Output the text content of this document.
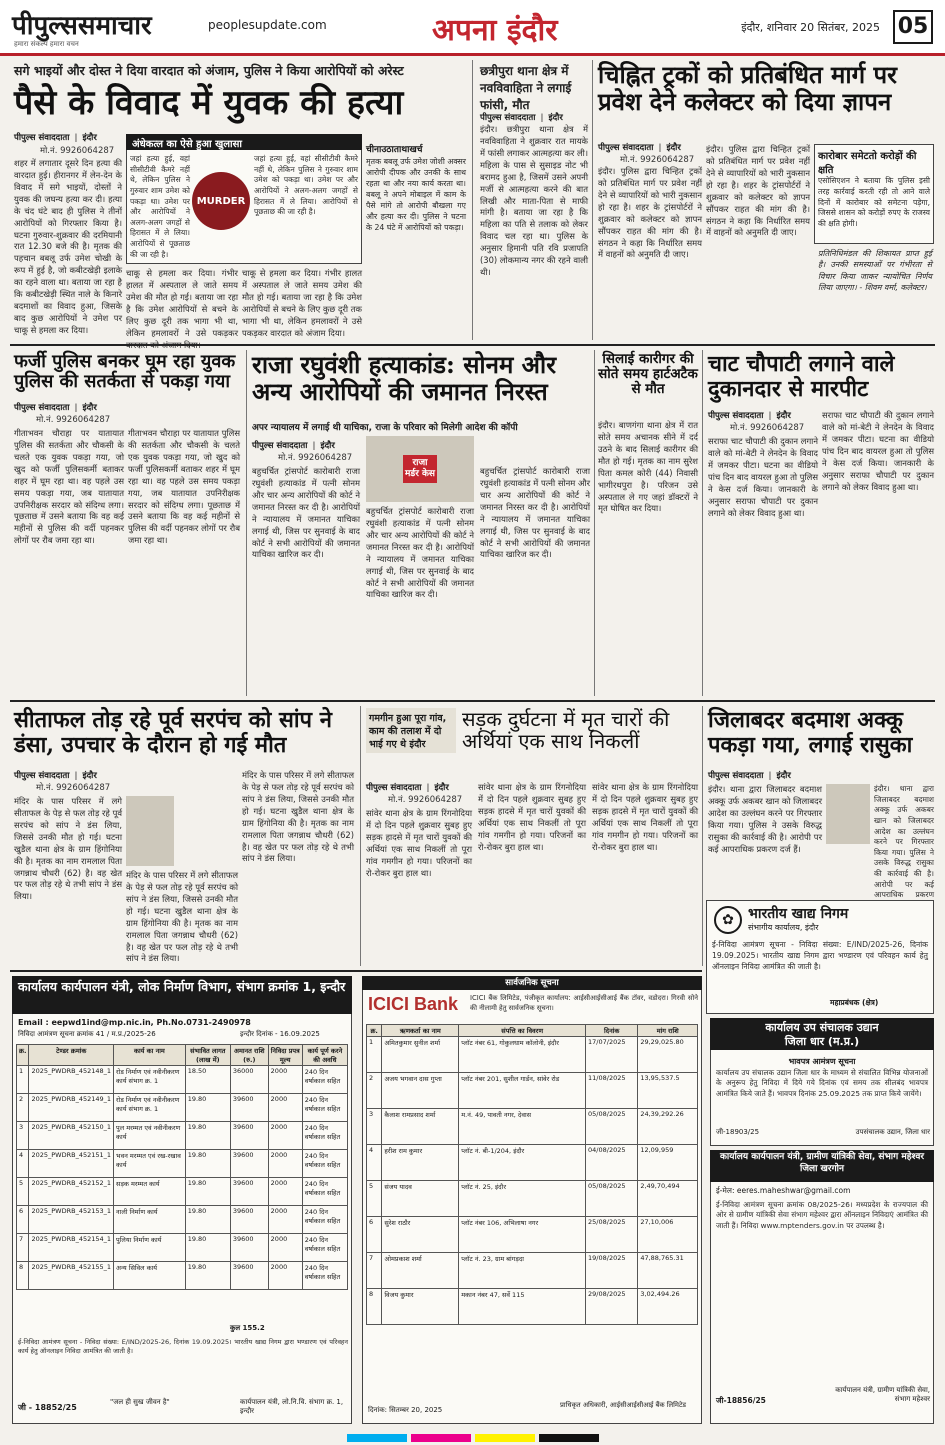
पीपुल्ससमाचार
हमारा संकल्प हमारा वचन
peoplesupdate.com	अपना इंदौर	इंदौर, शनिवार 20 सितंबर, 2025 05
सगे भाइयों और दोस्त ने दिया वारदात को अंजाम, पुलिस ने किया आरोपियों को अरेस्ट
पैसे के विवाद में युवक की हत्या
पीपुल्स संवाददाता ❘ इंदौर
मो.नं. 9926064287
शहर में लगातार दूसरे दिन हत्या की वारदात हुई। हीरानगर में लेन-देन के विवाद में सगे भाइयों, दोस्तों ने युवक की जघन्य हत्या कर दी। हत्या के चंद घंटे बाद ही पुलिस ने तीनों आरोपियों को गिरफ्तार किया है। घटना गुरुवार-शुक्रवार की दरमियानी रात 12.30 बजे की है। मृतक की पहचान बबलू उर्फ उमेश चोखी के रूप में हुई है, जो कबीटखेड़ी इलाके का रहने वाला था। बताया जा रहा है कि कबीटखेड़ी स्थित नाले के किनारे बदमाशों का विवाद हुआ, जिसके बाद कुछ आरोपियों ने उमेश पर चाकू से हमला कर दिया।
अंधेकत्ल का ऐसे हुआ खुलासा
MURDER
जहां हत्या हुई, वहां सीसीटीवी कैमरे नहीं थे, लेकिन पुलिस ने गुरुवार शाम उमेश को पकड़ा था। उमेश पर और आरोपियों ने अलग-अलग जगहों से हिरासत में ले लिया। आरोपियों से पूछताछ की जा रही है।
जहां हत्या हुई, वहां सीसीटीवी कैमरे नहीं थे, लेकिन पुलिस ने गुरुवार शाम उमेश को पकड़ा था। उमेश पर और आरोपियों ने अलग-अलग जगहों से हिरासत में ले लिया। आरोपियों से पूछताछ की जा रही है।
चाकू से हमला कर दिया। गंभीर हालत में अस्पताल ले जाते समय उमेश की मौत हो गई। बताया जा रहा है कि उमेश आरोपियों से बचने के लिए कुछ दूरी तक भागा भी था, लेकिन हमलावरों ने उसे पकड़कर
चाकू से हमला कर दिया। गंभीर हालत में अस्पताल ले जाते समय उमेश की मौत हो गई। बताया जा रहा है कि उमेश आरोपियों से बचने के लिए कुछ दूरी तक भागा भी था, लेकिन हमलावरों ने उसे पकड़कर वारदात को अंजाम दिया।
चीनाउठाताथाखर्च
मृतक बबलू उर्फ उमेश जोशी अक्सर आरोपी दीपक और उनकी के साथ रहता था और नया कार्य करता था। बबलू ने अपने मोबाइल में काम के पैसे मांगे तो आरोपी बौखला गए और हत्या कर दी। पुलिस ने घटना के 24 घंटे में आरोपियों को पकड़ा।
छत्रीपुरा थाना क्षेत्र में नवविवाहिता ने लगाई फांसी, मौत
पीपुल्स संवाददाता ❘ इंदौर
इंदौर। छत्रीपुरा थाना क्षेत्र में नवविवाहिता ने शुक्रवार रात मायके में फांसी लगाकर आत्महत्या कर ली। महिला के पास से सुसाइड नोट भी बरामद हुआ है, जिसमें उसने अपनी मर्जी से आत्महत्या करने की बात लिखी और माता-पिता से माफी मांगी है। बताया जा रहा है कि महिला का पति से तलाक को लेकर विवाद चल रहा था। पुलिस के अनुसार हिमानी पति रवि प्रजापति (30) लोकमान्य नगर की रहने वाली थी।
चिह्नित ट्रकों को प्रतिबंधित मार्ग पर प्रवेश देने कलेक्टर को दिया ज्ञापन
पीपुल्स संवाददाता ❘ इंदौर
मो.नं. 9926064287
इंदौर। पुलिस द्वारा चिन्हित ट्रकों को प्रतिबंधित मार्ग पर प्रवेश नहीं देने से व्यापारियों को भारी नुकसान हो रहा है। शहर के ट्रांसपोर्टरों ने शुक्रवार को कलेक्टर को ज्ञापन सौंपकर राहत की मांग की है। संगठन ने कहा कि निर्धारित समय में वाहनों को अनुमति दी जाए।
इंदौर। पुलिस द्वारा चिन्हित ट्रकों को प्रतिबंधित मार्ग पर प्रवेश नहीं देने से व्यापारियों को भारी नुकसान हो रहा है। शहर के ट्रांसपोर्टरों ने शुक्रवार को कलेक्टर को ज्ञापन सौंपकर राहत की मांग की है। संगठन ने कहा कि निर्धारित समय में वाहनों को अनुमति दी जाए।
कारोबार समेटतो करोड़ों की क्षति
एसोसिएशन ने बताया कि पुलिस इसी तरह कार्रवाई करती रही तो आने वाले दिनों में कारोबार को समेटना पड़ेगा, जिससे शासन को करोड़ों रुपए के राजस्व की क्षति होगी।
प्रतिनिधिमंडल की शिकायत प्राप्त हुई है। उनकी समस्याओं पर गंभीरता से विचार किया जाकर न्यायोचित निर्णय लिया जाएगा। - शिवम वर्मा, कलेक्टर।
फर्जी पुलिस बनकर घूम रहा युवक पुलिस की सतर्कता से पकड़ा गया
पीपुल्स संवाददाता ❘ इंदौर
मो.नं. 9926064287
गीताभवन चौराहा पर यातायात पुलिस की सतर्कता और चौकसी के चलते एक युवक पकड़ा गया, जो खुद को फर्जी पुलिसकर्मी बताकर शहर में घूम रहा था। वह पहले उस समय पकड़ा गया, जब यातायात उपनिरीक्षक सरदार को संदिग्ध लगा। पूछताछ में उसने बताया कि वह कई महीनों से पुलिस की वर्दी पहनकर लोगों पर रौब जमा रहा था।
गीताभवन चौराहा पर यातायात पुलिस की सतर्कता और चौकसी के चलते एक युवक पकड़ा गया, जो खुद को फर्जी पुलिसकर्मी बताकर शहर में घूम रहा था। वह पहले उस समय पकड़ा गया, जब यातायात उपनिरीक्षक सरदार को संदिग्ध लगा। पूछताछ में उसने बताया कि वह कई महीनों से पुलिस की वर्दी पहनकर लोगों पर रौब जमा रहा था।
राजा रघुवंशी हत्याकांड: सोनम और अन्य आरोपियों की जमानत निरस्त
अपर न्यायालय में लगाई थी याचिका, राजा के परिवार को मिलेगी आदेश की कॉपी
पीपुल्स संवाददाता ❘ इंदौर
मो.नं. 9926064287
राजा मर्डर केस
बहुचर्चित ट्रांसपोर्ट कारोबारी राजा रघुवंशी हत्याकांड में पत्नी सोनम और चार अन्य आरोपियों की कोर्ट ने जमानत निरस्त कर दी है। आरोपियों ने न्यायालय में जमानत याचिका लगाई थी, जिस पर सुनवाई के बाद कोर्ट ने सभी आरोपियों की जमानत याचिका खारिज कर दी।
बहुचर्चित ट्रांसपोर्ट कारोबारी राजा रघुवंशी हत्याकांड में पत्नी सोनम और चार अन्य आरोपियों की कोर्ट ने जमानत निरस्त कर दी है। आरोपियों ने न्यायालय में जमानत याचिका लगाई थी, जिस पर सुनवाई के बाद कोर्ट ने सभी आरोपियों की जमानत याचिका खारिज कर दी।
बहुचर्चित ट्रांसपोर्ट कारोबारी राजा रघुवंशी हत्याकांड में पत्नी सोनम और चार अन्य आरोपियों की कोर्ट ने जमानत निरस्त कर दी है। आरोपियों ने न्यायालय में जमानत याचिका लगाई थी, जिस पर सुनवाई के बाद कोर्ट ने सभी आरोपियों की जमानत याचिका खारिज कर दी।
सिलाई कारीगर की सोते समय हार्टअटैक से मौत
इंदौर। बाणगंगा थाना क्षेत्र में रात सोते समय अचानक सीने में दर्द उठने के बाद सिलाई कारीगर की मौत हो गई। मृतक का नाम सुरेश पिता कमल कोरी (44) निवासी भागीरथपुरा है। परिजन उसे अस्पताल ले गए जहां डॉक्टरों ने मृत घोषित कर दिया।
चाट चौपाटी लगाने वाले दुकानदार से मारपीट
पीपुल्स संवाददाता ❘ इंदौर
मो.नं. 9926064287
सराफा चाट चौपाटी की दुकान लगाने वाले को मां-बेटी ने लेनदेन के विवाद में जमकर पीटा। घटना का वीडियो पांच दिन बाद वायरल हुआ तो पुलिस ने केस दर्ज किया। जानकारी के अनुसार सराफा चौपाटी पर दुकान लगाने को लेकर विवाद हुआ था।
सराफा चाट चौपाटी की दुकान लगाने वाले को मां-बेटी ने लेनदेन के विवाद में जमकर पीटा। घटना का वीडियो पांच दिन बाद वायरल हुआ तो पुलिस ने केस दर्ज किया। जानकारी के अनुसार सराफा चौपाटी पर दुकान लगाने को लेकर विवाद हुआ था।
सीताफल तोड़ रहे पूर्व सरपंच को सांप ने डंसा, उपचार के दौरान हो गई मौत
पीपुल्स संवाददाता ❘ इंदौर
मो.नं. 9926064287
मंदिर के पास परिसर में लगे सीताफल के पेड़ से फल तोड़ रहे पूर्व सरपंच को सांप ने डंस लिया, जिससे उनकी मौत हो गई। घटना खुडैल थाना क्षेत्र के ग्राम हिंगोनिया की है। मृतक का नाम रामलाल पिता जगन्नाथ चौधरी (62) है। वह खेत पर फल तोड़ रहे थे तभी सांप ने डंस लिया।
मंदिर के पास परिसर में लगे सीताफल के पेड़ से फल तोड़ रहे पूर्व सरपंच को सांप ने डंस लिया, जिससे उनकी मौत हो गई। घटना खुडैल थाना क्षेत्र के ग्राम हिंगोनिया की है। मृतक का नाम रामलाल पिता जगन्नाथ चौधरी (62) है। वह खेत पर फल तोड़ रहे थे तभी सांप ने डंस लिया।
मंदिर के पास परिसर में लगे सीताफल के पेड़ से फल तोड़ रहे पूर्व सरपंच को सांप ने डंस लिया, जिससे उनकी मौत हो गई। घटना खुडैल थाना क्षेत्र के ग्राम हिंगोनिया की है। मृतक का नाम रामलाल पिता जगन्नाथ चौधरी (62) है। वह खेत पर फल तोड़ रहे थे तभी सांप ने डंस लिया।
गमगीन हुआ पूरा गांव, काम की तलाश में दो भाई गए थे इंदौर
सड़क दुर्घटना में मृत चारों की अर्थियां एक साथ निकलीं
पीपुल्स संवाददाता ❘ इंदौर
मो.नं. 9926064287
सांवेर थाना क्षेत्र के ग्राम रिंगनोदिया में दो दिन पहले शुक्रवार सुबह हुए सड़क हादसे में मृत चारों युवकों की अर्थियां एक साथ निकलीं तो पूरा गांव गमगीन हो गया। परिजनों का रो-रोकर बुरा हाल था।
सांवेर थाना क्षेत्र के ग्राम रिंगनोदिया में दो दिन पहले शुक्रवार सुबह हुए सड़क हादसे में मृत चारों युवकों की अर्थियां एक साथ निकलीं तो पूरा गांव गमगीन हो गया। परिजनों का रो-रोकर बुरा हाल था।
सांवेर थाना क्षेत्र के ग्राम रिंगनोदिया में दो दिन पहले शुक्रवार सुबह हुए सड़क हादसे में मृत चारों युवकों की अर्थियां एक साथ निकलीं तो पूरा गांव गमगीन हो गया। परिजनों का रो-रोकर बुरा हाल था।
जिलाबदर बदमाश अक्कू पकड़ा गया, लगाई रासुका
पीपुल्स संवाददाता ❘ इंदौर
इंदौर। थाना द्वारा जिलाबदर बदमाश अक्कू उर्फ अकबर खान को जिलाबदर आदेश का उल्लंघन करने पर गिरफ्तार किया गया। पुलिस ने उसके विरुद्ध रासुका की कार्रवाई की है। आरोपी पर कई आपराधिक प्रकरण दर्ज हैं।
इंदौर। थाना द्वारा जिलाबदर बदमाश अक्कू उर्फ अकबर खान को जिलाबदर आदेश का उल्लंघन करने पर गिरफ्तार किया गया। पुलिस ने उसके विरुद्ध रासुका की कार्रवाई की है। आरोपी पर कई आपराधिक प्रकरण
✿	भारतीय खाद्य निगम
संभागीय कार्यालय, इंदौर
ई-निविदा आमंत्रण सूचना - निविदा संख्या: E/IND/2025-26, दिनांक 19.09.2025। भारतीय खाद्य निगम द्वारा भण्डारण एवं परिवहन कार्य हेतु ऑनलाइन निविदा आमंत्रित की जाती है।
महाप्रबंधक (क्षेत्र)
कार्यालय कार्यपालन यंत्री, लोक निर्माण विभाग, संभाग क्रमांक 1, इन्दौर
Email : eepwd1ind@mp.nic.in, Ph.No.0731-2490978
निविदा आमंत्रण सूचना क्रमांक 41 / म.प्र./2025-26	इन्दौर दिनांक - 16.09.2025
क्र.	टेण्डर क्रमांक	कार्य का नाम	संभावित लागत (लाख में)	अमानत राशि (रु.)	निविदा प्रपत्र मूल्य	कार्य पूर्ण करने की अवधि
1	2025_PWDRB_452148_1	रोड निर्माण एवं नवीनीकरण कार्य संभाग क्र. 1	18.50	36000	2000	240 दिन वर्षाकाल सहित
2	2025_PWDRB_452149_1	रोड निर्माण एवं नवीनीकरण कार्य संभाग क्र. 1	19.80	39600	2000	240 दिन वर्षाकाल सहित
3	2025_PWDRB_452150_1	पुल मरम्मत एवं नवीनीकरण कार्य	19.80	39600	2000	240 दिन वर्षाकाल सहित
4	2025_PWDRB_452151_1	भवन मरम्मत एवं रख-रखाव कार्य	19.80	39600	2000	240 दिन वर्षाकाल सहित
5	2025_PWDRB_452152_1	सड़क मरम्मत कार्य	19.80	39600	2000	240 दिन वर्षाकाल सहित
6	2025_PWDRB_452153_1	नाली निर्माण कार्य	19.80	39600	2000	240 दिन वर्षाकाल सहित
7	2025_PWDRB_452154_1	पुलिया निर्माण कार्य	19.80	39600	2000	240 दिन वर्षाकाल सहित
8	2025_PWDRB_452155_1	अन्य सिविल कार्य	19.80	39600	2000	240 दिन वर्षाकाल सहित
कुल 155.2
ई-निविदा आमंत्रण सूचना - निविदा संख्या: E/IND/2025-26, दिनांक 19.09.2025। भारतीय खाद्य निगम द्वारा भण्डारण एवं परिवहन कार्य हेतु ऑनलाइन निविदा आमंत्रित की जाती है।
जी - 18852/25
"जल ही सुख जीवन है"	कार्यपालन यंत्री, लो.नि.वि. संभाग क्र. 1, इन्दौर
सार्वजनिक सूचना
ICICI Bank ICICI बैंक लिमिटेड, पंजीकृत कार्यालय: आईसीआईसीआई बैंक टॉवर, वडोदरा। गिरवी सोने की नीलामी हेतु सार्वजनिक सूचना।
क्र.	ऋणकर्ता का नाम	संपत्ति का विवरण	दिनांक	मांग राशि
1	अमितकुमार सुनील शर्मा	प्लॉट नंबर 61, गोकुलधाम कॉलोनी, इंदौर	17/07/2025	29,29,025.80
2	अजय भगवान दास गुप्ता	प्लॉट नंबर 201, सुशील गार्डन, सांवेर रोड	11/08/2025	13,95,537.5
3	कैलाश रामप्रसाद शर्मा	म.नं. 49, पावती नगर, देवास	05/08/2025	24,39,292.26
4	हरीश राम कुमार	प्लॉट नं. बी-1/204, इंदौर	04/08/2025	12,09,959
5	संजय यादव	प्लॉट नं. 25, इंदौर	05/08/2025	2,49,70,494
6	सुरेश राठौर	प्लॉट नंबर 106, अभिलाषा नगर	25/08/2025	27,10,006
7	ओमप्रकाश शर्मा	प्लॉट नं. 23, ग्राम बांगड़दा	19/08/2025	47,88,765.31
8	विजय कुमार	मकान नंबर 47, सर्वे 115	29/08/2025	3,02,494.26
दिनांक: सितम्बर 20, 2025
प्राधिकृत अधिकारी, आईसीआईसीआई बैंक लिमिटेड
कार्यालय उप संचालक उद्यान
जिला धार (म.प्र.)
भावपत्र आमंत्रण सूचना
कार्यालय उप संचालक उद्यान जिला धार के माध्यम से संचालित विभिन्न योजनाओं के अनुरूप हेतु निविदा में दिये गये दिनांक एवं समय तक सीलबंद भावपत्र आमंत्रित किये जाते हैं। भावपत्र दिनांक 25.09.2025 तक प्राप्त किये जायेंगे।
जी-18903/25	उपसंचालक उद्यान, जिला धार
कार्यालय कार्यपालन यंत्री, ग्रामीण यांत्रिकी सेवा, संभाग महेश्वर जिला खरगोन
ई-मेल: eeres.maheshwar@gmail.com
ई-निविदा आमंत्रण सूचना क्रमांक 08/2025-26। मध्यप्रदेश के राज्यपाल की ओर से ग्रामीण यांत्रिकी सेवा संभाग महेश्वर द्वारा ऑनलाइन निविदाएं आमंत्रित की जाती हैं। निविदा www.mptenders.gov.in पर उपलब्ध है।
जी-18856/25
कार्यपालन यंत्री, ग्रामीण यांत्रिकी सेवा, संभाग महेश्वर
